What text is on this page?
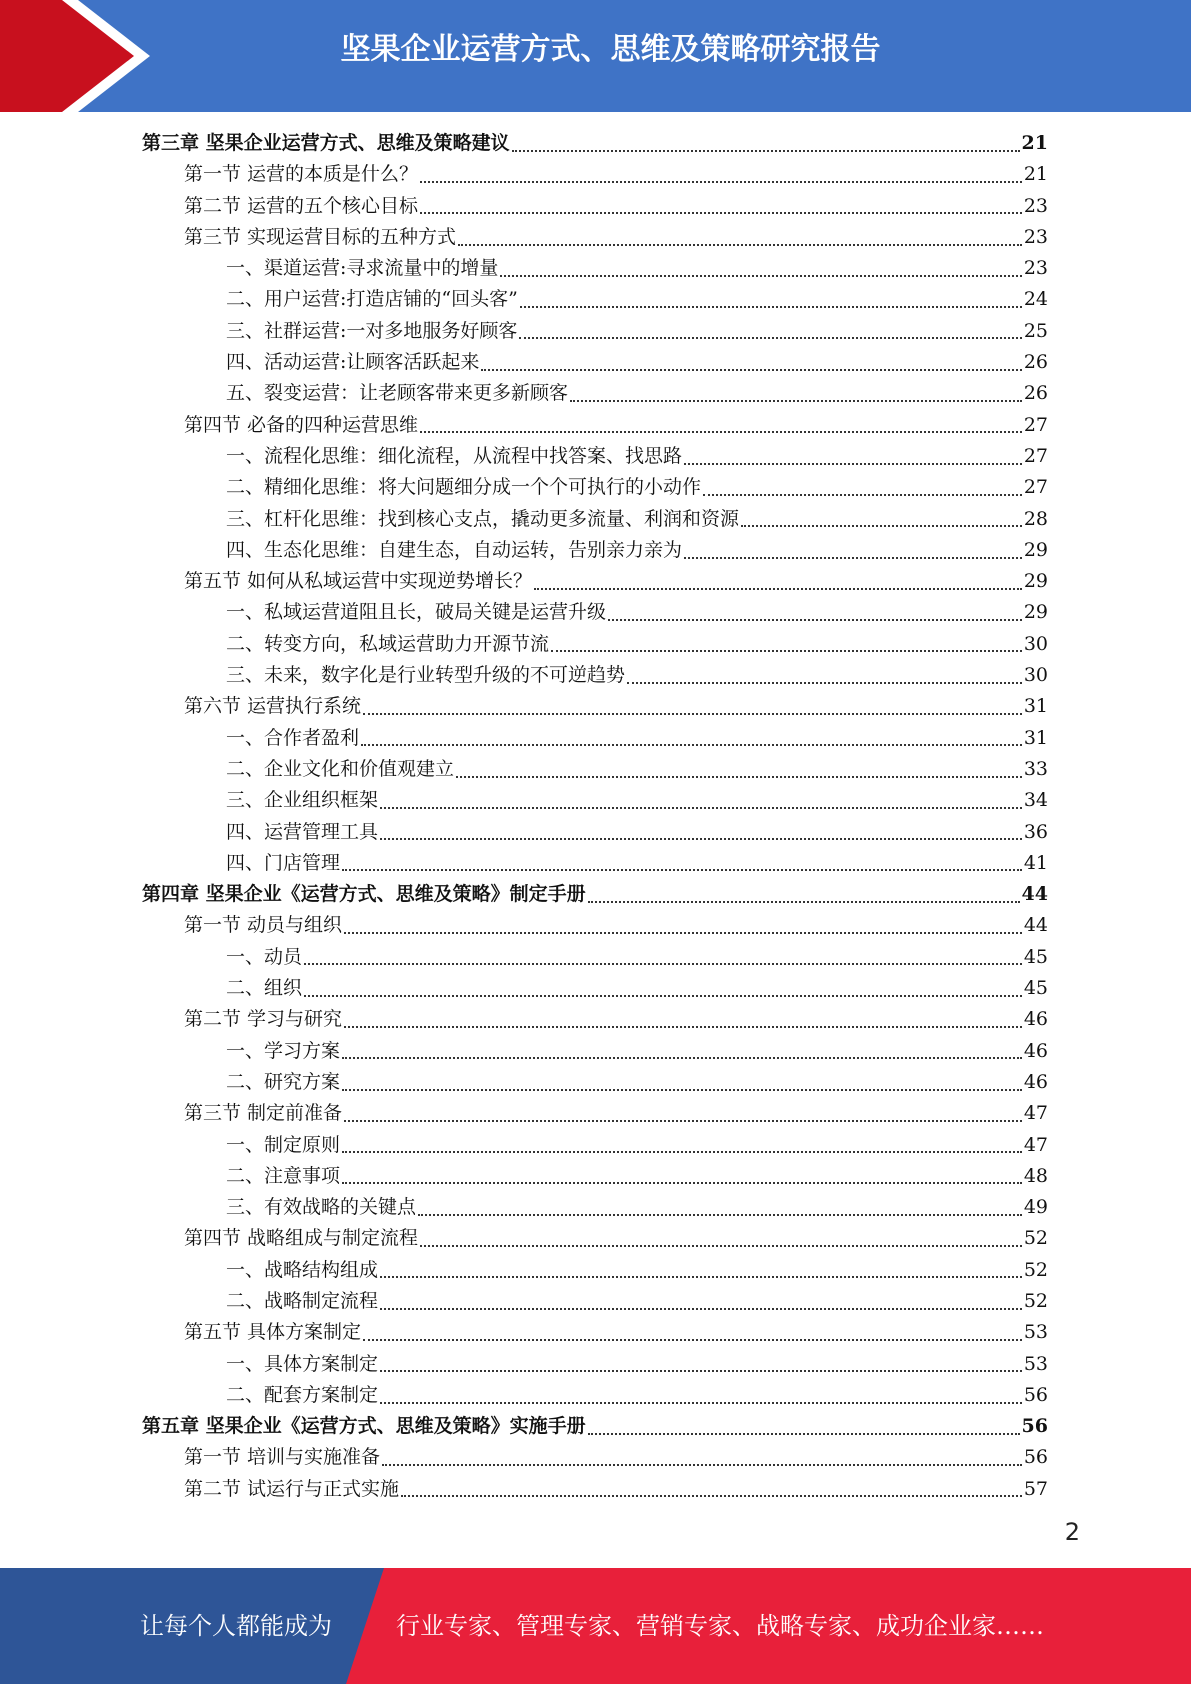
坚果企业运营方式、思维及策略研究报告
第三章 坚果企业运营方式、思维及策略建议	21
第一节 运营的本质是什么？	21
第二节 运营的五个核心目标	23
第三节 实现运营目标的五种方式	23
一、渠道运营:寻求流量中的增量	23
二、用户运营:打造店铺的“回头客”	24
三、社群运营:一对多地服务好顾客	25
四、活动运营:让顾客活跃起来	26
五、裂变运营：让老顾客带来更多新顾客	26
第四节 必备的四种运营思维	27
一、流程化思维：细化流程，从流程中找答案、找思路	27
二、精细化思维：将大问题细分成一个个可执行的小动作	27
三、杠杆化思维：找到核心支点，撬动更多流量、利润和资源	28
四、生态化思维：自建生态，自动运转，告别亲力亲为	29
第五节 如何从私域运营中实现逆势增长？	29
一、私域运营道阻且长，破局关键是运营升级	29
二、转变方向，私域运营助力开源节流	30
三、未来，数字化是行业转型升级的不可逆趋势	30
第六节 运营执行系统	31
一、合作者盈利	31
二、企业文化和价值观建立	33
三、企业组织框架	34
四、运营管理工具	36
四、门店管理	41
第四章 坚果企业《运营方式、思维及策略》制定手册	44
第一节 动员与组织	44
一、动员	45
二、组织	45
第二节 学习与研究	46
一、学习方案	46
二、研究方案	46
第三节 制定前准备	47
一、制定原则	47
二、注意事项	48
三、有效战略的关键点	49
第四节 战略组成与制定流程	52
一、战略结构组成	52
二、战略制定流程	52
第五节 具体方案制定	53
一、具体方案制定	53
二、配套方案制定	56
第五章 坚果企业《运营方式、思维及策略》实施手册	56
第一节 培训与实施准备	56
第二节 试运行与正式实施	57
2
让每个人都能成为	行业专家、管理专家、营销专家、战略专家、成功企业家……
